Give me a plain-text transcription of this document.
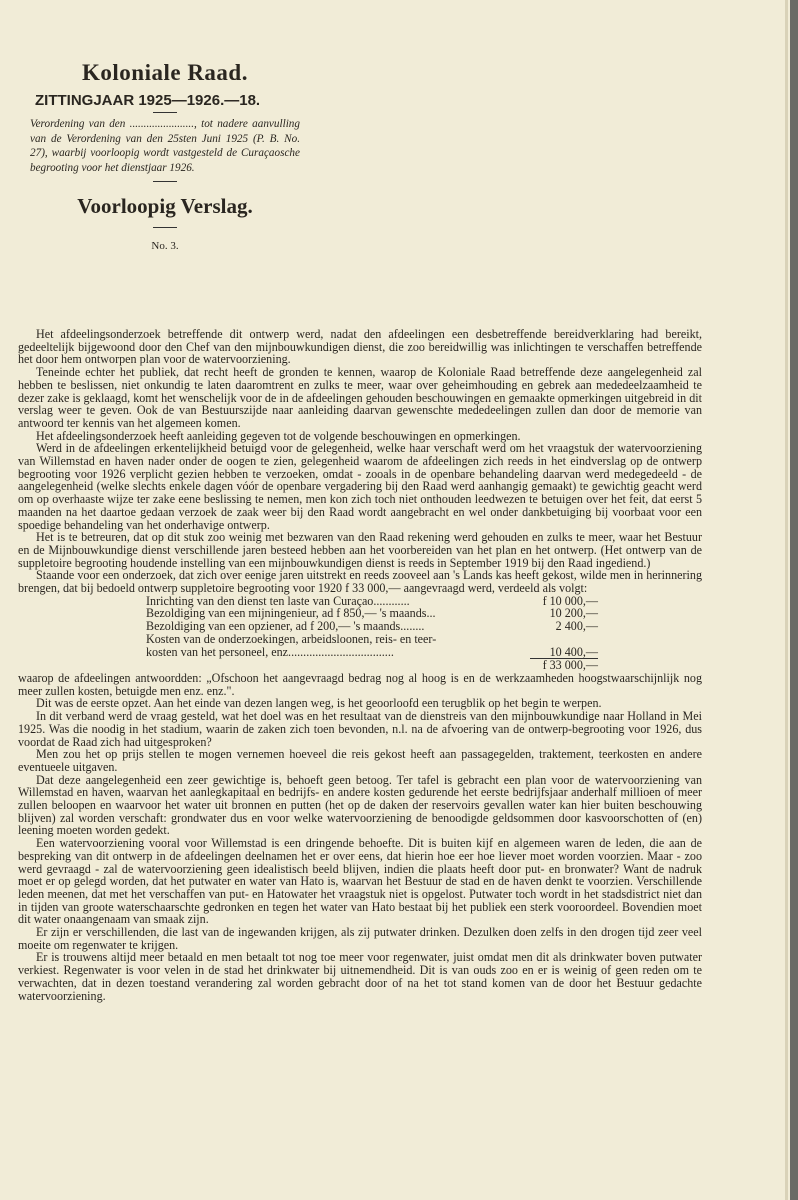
Koloniale Raad.
ZITTINGJAAR 1925—1926.—18.

Verordening van den ......................., tot nadere aanvulling van de Verordening van den 25sten Juni 1925 (P. B. No. 27), waarbij voorloopig wordt vastgesteld de Curaçaosche begrooting voor het dienstjaar 1926.

Voorloopig Verslag.
No. 3.

Het afdeelingsonderzoek betreffende dit ontwerp werd, nadat den afdeelingen een desbetreffende bereidverklaring had bereikt, gedeeltelijk bijgewoond door den Chef van den mijnbouwkundigen dienst, die zoo bereidwillig was inlichtingen te verschaffen betreffende het door hem ontworpen plan voor de watervoorziening.

Teneinde echter het publiek, dat recht heeft de gronden te kennen, waarop de Koloniale Raad betreffende deze aangelegenheid zal hebben te beslissen, niet onkundig te laten daaromtrent en zulks te meer, waar over geheimhouding en gebrek aan mededeelzaamheid te dezer zake is geklaagd, komt het wenschelijk voor de in de afdeelingen gehouden beschouwingen en gemaakte opmerkingen uitgebreid in dit verslag weer te geven. Ook de van Bestuurszijde naar aanleiding daarvan gewenschte mededeelingen zullen dan door de memorie van antwoord ter kennis van het algemeen komen.

Het afdeelingsonderzoek heeft aanleiding gegeven tot de volgende beschouwingen en opmerkingen.

Werd in de afdeelingen erkentelijkheid betuigd voor de gelegenheid, welke haar verschaft werd om het vraagstuk der watervoorziening van Willemstad en haven nader onder de oogen te zien, gelegenheid waarom de afdeelingen zich reeds in het eindverslag op de ontwerp begrooting voor 1926 verplicht gezien hebben te verzoeken, omdat - zooals in de openbare behandeling daarvan werd medegedeeld - de aangelegenheid (welke slechts enkele dagen vóór de openbare vergadering bij den Raad werd aanhangig gemaakt) te gewichtig geacht werd om op overhaaste wijze ter zake eene beslissing te nemen, men kon zich toch niet onthouden leedwezen te betuigen over het feit, dat eerst 5 maanden na het daartoe gedaan verzoek de zaak weer bij den Raad wordt aangebracht en wel onder dankbetuiging bij voorbaat voor een spoedige behandeling van het onderhavige ontwerp.

Het is te betreuren, dat op dit stuk zoo weinig met bezwaren van den Raad rekening werd gehouden en zulks te meer, waar het Bestuur en de Mijnbouwkundige dienst verschillende jaren besteed hebben aan het voorbereiden van het plan en het ontwerp. (Het ontwerp van de suppletoire begrooting houdende instelling van een mijnbouwkundigen dienst is reeds in September 1919 bij den Raad ingediend.)

Staande voor een onderzoek, dat zich over eenige jaren uitstrekt en reeds zooveel aan 's Lands kas heeft gekost, wilde men in herinnering brengen, dat bij bedoeld ontwerp suppletoire begrooting voor 1920 f 33 000,— aangevraagd werd, verdeeld als volgt:

Inrichting van den dienst ten laste van Curaçao............	f 10 000,—
Bezoldiging van een mijningenieur, ad f 850,— 's maands...	10 200,—
Bezoldiging van een opziener, ad f 200,— 's maands........	2 400,—
Kosten van de onderzoekingen, arbeidsloonen, reis- en teer-
kosten van het personeel, enz...................................	10 400,—
f 33 000,—

waarop de afdeelingen antwoordden: „Ofschoon het aangevraagd bedrag nog al hoog is en de werkzaamheden hoogstwaarschijnlijk nog meer zullen kosten, betuigde men enz. enz.".

Dit was de eerste opzet. Aan het einde van dezen langen weg, is het geoorloofd een terugblik op het begin te werpen.

In dit verband werd de vraag gesteld, wat het doel was en het resultaat van de dienstreis van den mijnbouwkundige naar Holland in Mei 1925. Was die noodig in het stadium, waarin de zaken zich toen bevonden, n.l. na de afvoering van de ontwerp-begrooting voor 1926, dus voordat de Raad zich had uitgesproken?

Men zou het op prijs stellen te mogen vernemen hoeveel die reis gekost heeft aan passagegelden, traktement, teerkosten en andere eventueele uitgaven.

Dat deze aangelegenheid een zeer gewichtige is, behoeft geen betoog. Ter tafel is gebracht een plan voor de watervoorziening van Willemstad en haven, waarvan het aanlegkapitaal en bedrijfs- en andere kosten gedurende het eerste bedrijfsjaar anderhalf millioen of meer zullen beloopen en waarvoor het water uit bronnen en putten (het op de daken der reservoirs gevallen water kan hier buiten beschouwing blijven) zal worden verschaft: grondwater dus en voor welke watervoorziening de benoodigde geldsommen door kasvoorschotten of (en) leening moeten worden gedekt.

Een watervoorziening vooral voor Willemstad is een dringende behoefte. Dit is buiten kijf en algemeen waren de leden, die aan de bespreking van dit ontwerp in de afdeelingen deelnamen het er over eens, dat hierin hoe eer hoe liever moet worden voorzien. Maar - zoo werd gevraagd - zal de watervoorziening geen idealistisch beeld blijven, indien die plaats heeft door put- en bronwater? Want de nadruk moet er op gelegd worden, dat het putwater en water van Hato is, waarvan het Bestuur de stad en de haven denkt te voorzien. Verschillende leden meenen, dat met het verschaffen van put- en Hatowater het vraagstuk niet is opgelost. Putwater toch wordt in het stadsdistrict niet dan in tijden van groote waterschaarschte gedronken en tegen het water van Hato bestaat bij het publiek een sterk vooroordeel. Bovendien moet dit water onaangenaam van smaak zijn.

Er zijn er verschillenden, die last van de ingewanden krijgen, als zij putwater drinken. Dezulken doen zelfs in den drogen tijd zeer veel moeite om regenwater te krijgen.

Er is trouwens altijd meer betaald en men betaalt tot nog toe meer voor regenwater, juist omdat men dit als drinkwater boven putwater verkiest. Regenwater is voor velen in de stad het drinkwater bij uitnemendheid. Dit is van ouds zoo en er is weinig of geen reden om te verwachten, dat in dezen toestand verandering zal worden gebracht door of na het tot stand komen van de door het Bestuur gedachte watervoorziening.
